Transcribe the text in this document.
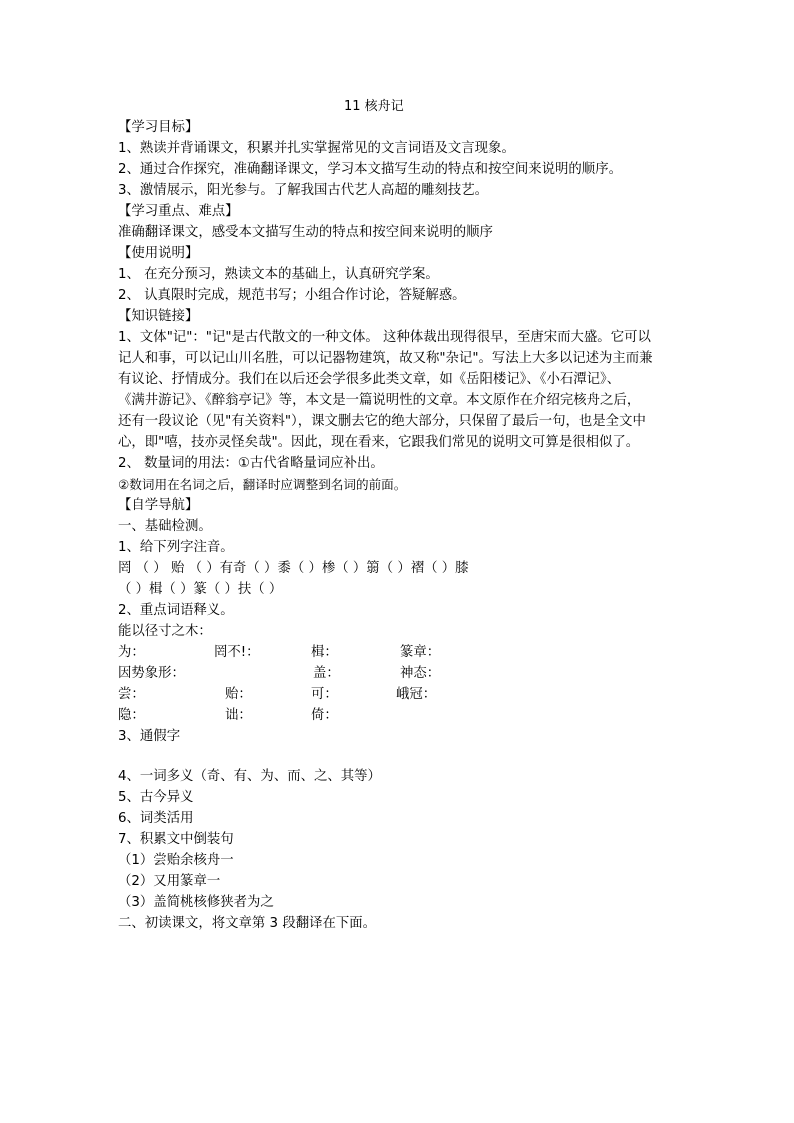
11 核舟记
【学习目标】
1、熟读并背诵课文，积累并扎实掌握常见的文言词语及文言现象。
2、通过合作探究，准确翻译课文，学习本文描写生动的特点和按空间来说明的顺序。
3、激情展示，阳光参与。了解我国古代艺人高超的雕刻技艺。
【学习重点、难点】
准确翻译课文，感受本文描写生动的特点和按空间来说明的顺序
【使用说明】
1、 在充分预习，熟读文本的基础上，认真研究学案。
2、 认真限时完成，规范书写；小组合作讨论，答疑解惑。
【知识链接】
1、文体"记"："记"是古代散文的一种文体。 这种体裁出现得很早，至唐宋而大盛。它可以
记人和事，可以记山川名胜，可以记器物建筑，故又称"杂记"。写法上大多以记述为主而兼
有议论、抒情成分。我们在以后还会学很多此类文章，如《岳阳楼记》、《小石潭记》、
《满井游记》、《醉翁亭记》等，本文是一篇说明性的文章。本文原作在介绍完核舟之后，
还有一段议论（见"有关资料"），课文删去它的绝大部分，只保留了最后一句，也是全文中
心，即"嘻，技亦灵怪矣哉"。因此，现在看来，它跟我们常见的说明文可算是很相似了。
2、 数量词的用法：①古代省略量词应补出。
②数词用在名词之后，翻译时应调整到名词的前面。
【自学导航】
一、基础检测。
1、给下列字注音。
罔 （ ） 贻 （ ）有奇（ ）黍（ ）椮（ ）篛（ ）褶（ ）膝
（ ）楫（ ）篆（ ）扶（ ）
2、重点词语释义。
能以径寸之木：
为：	罔不!：	楫：	篆章：
因势象形：	盖：	神态：
尝：	贻：	可：	峨冠：
隐：	诎：	倚：
3、通假字
4、一词多义（奇、有、为、而、之、其等）
5、古今异义
6、词类活用
7、积累文中倒装句
（1）尝贻余核舟一
（2）又用篆章一
（3）盖简桃核修狭者为之
二、初读课文，将文章第 3 段翻译在下面。
